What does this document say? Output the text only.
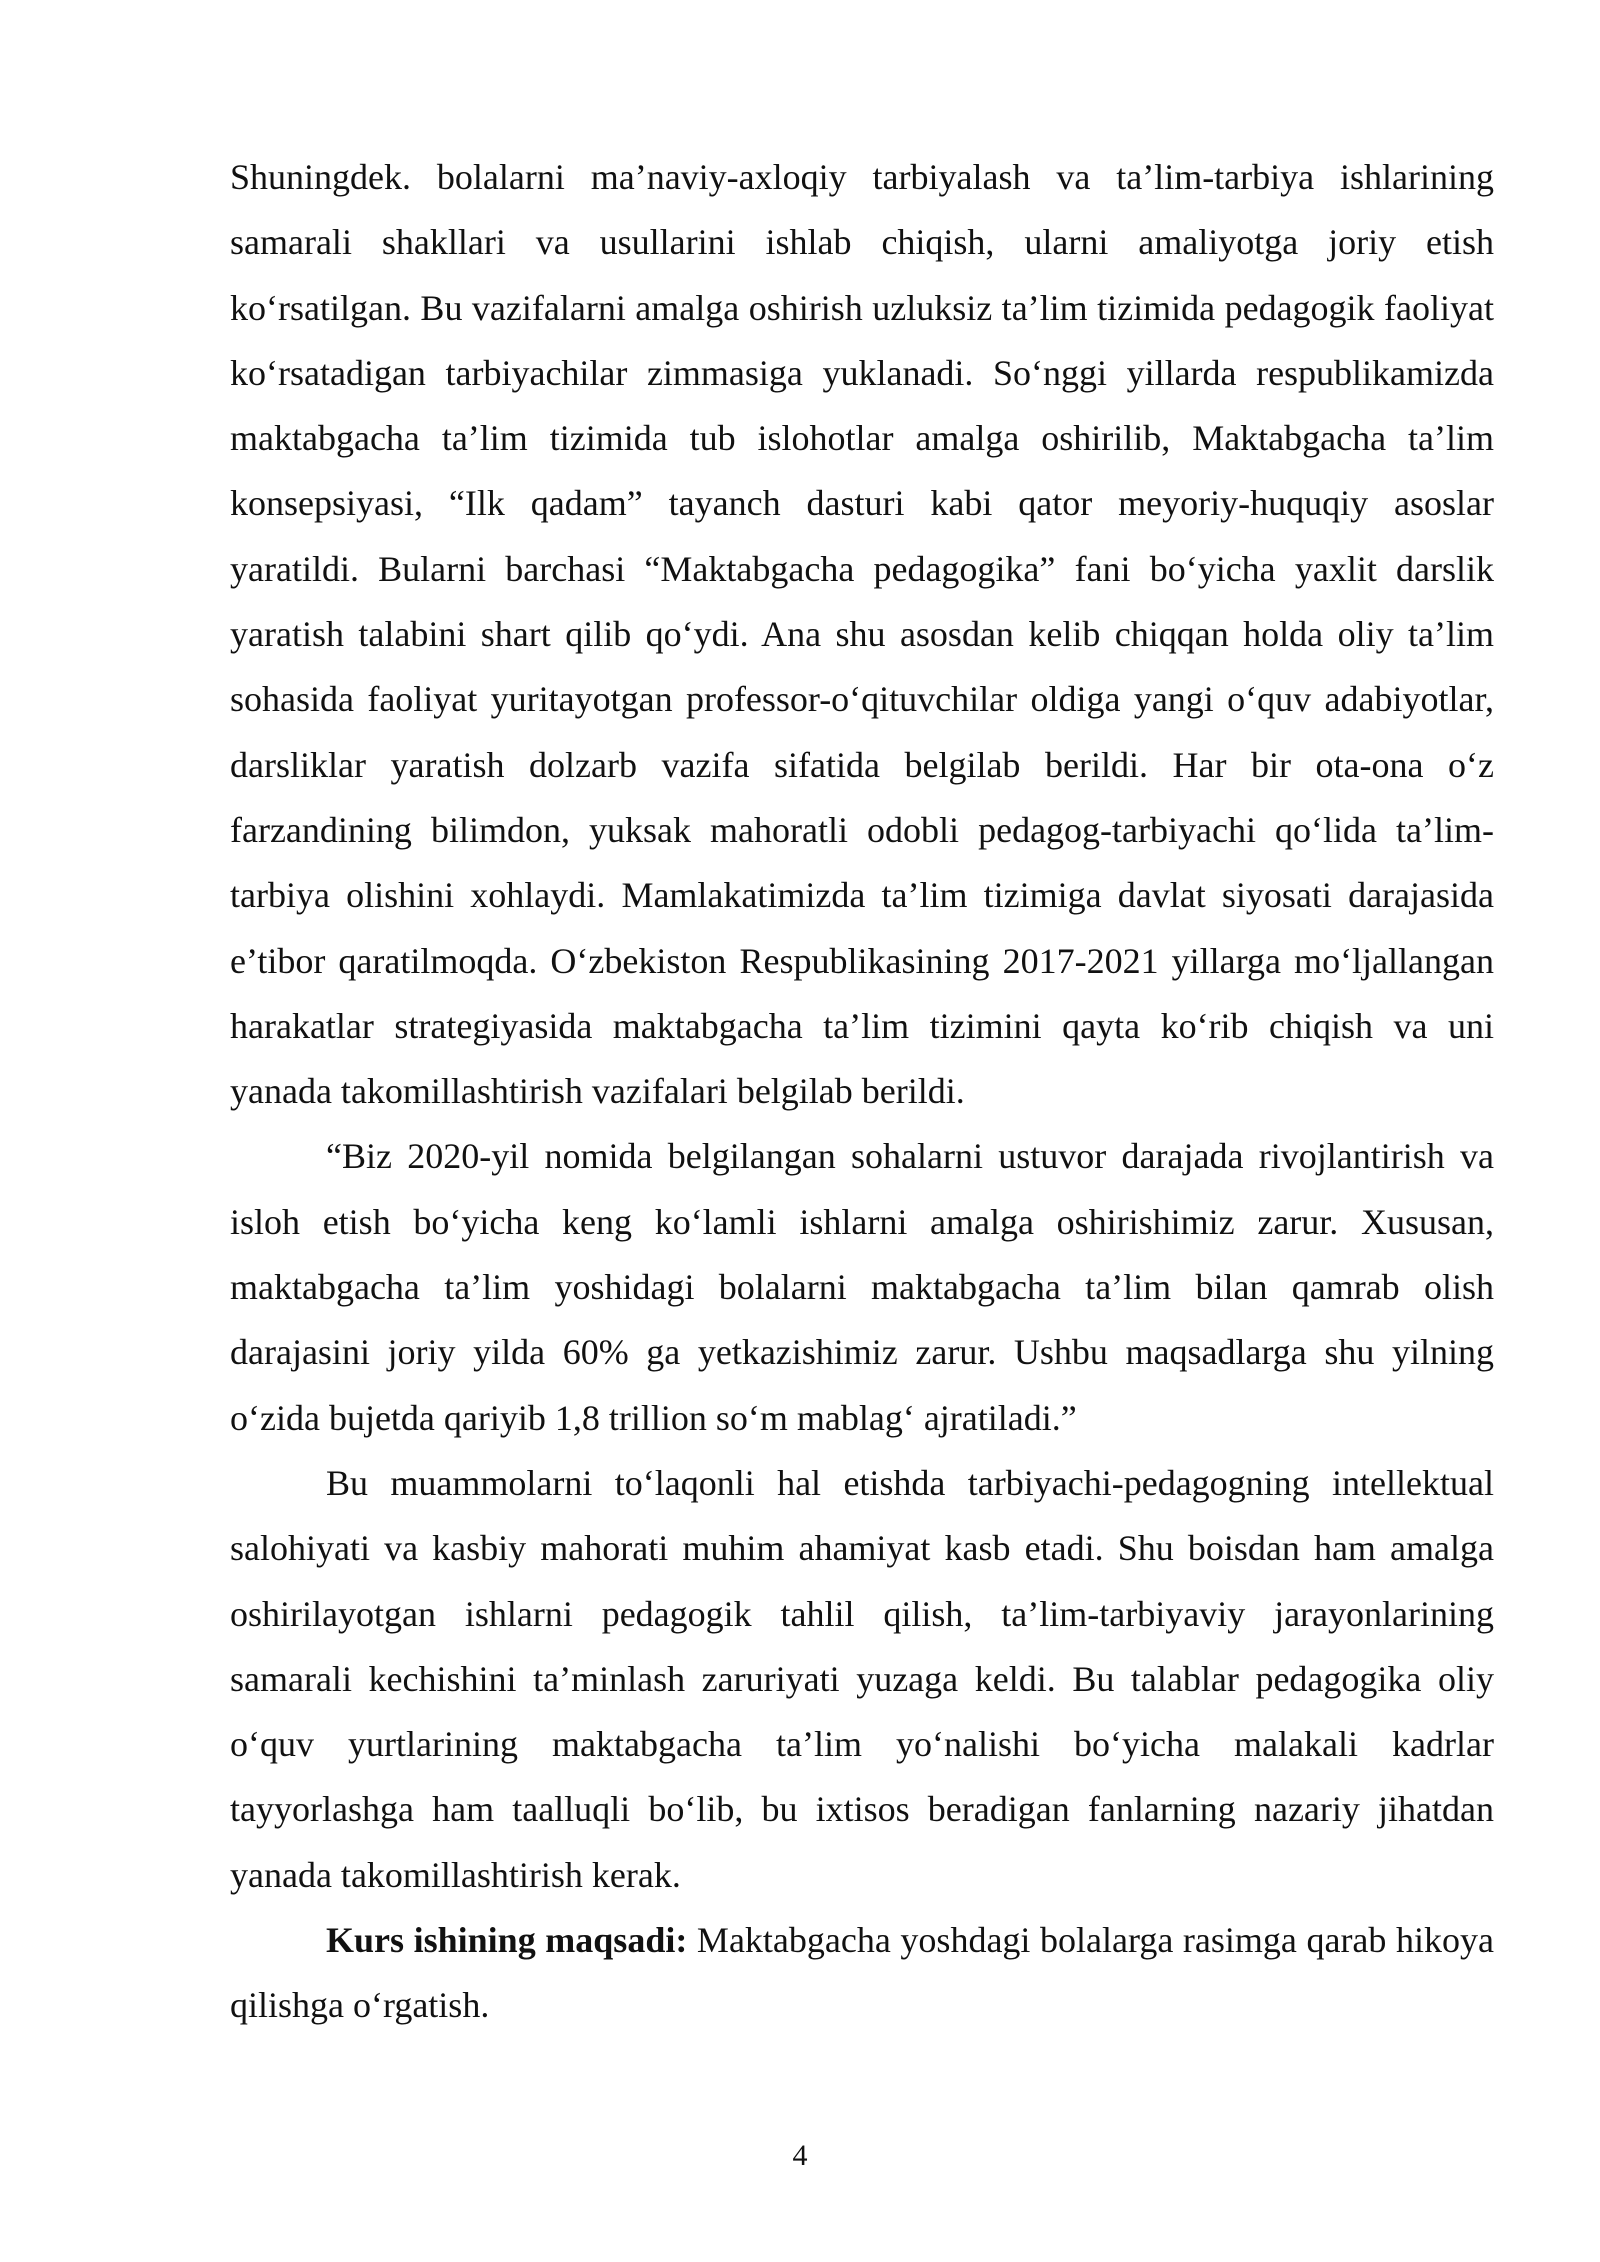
Shuningdek. bolalarni ma’naviy-axloqiy tarbiyalash va ta’lim-tarbiya ishlarining samarali shakllari va usullarini ishlab chiqish, ularni amaliyotga joriy etish ko‘rsatilgan. Bu vazifalarni amalga oshirish uzluksiz ta’lim tizimida pedagogik faoliyat ko‘rsatadigan tarbiyachilar zimmasiga yuklanadi. So‘nggi yillarda respublikamizda maktabgacha ta’lim tizimida tub islohotlar amalga oshirilib, Maktabgacha ta’lim konsepsiyasi, “Ilk qadam” tayanch dasturi kabi qator meyoriy-huquqiy asoslar yaratildi. Bularni barchasi “Maktabgacha pedagogika” fani bo‘yicha yaxlit darslik yaratish talabini shart qilib qo‘ydi. Ana shu asosdan kelib chiqqan holda oliy ta’lim sohasida faoliyat yuritayotgan professor-o‘qituvchilar oldiga yangi o‘quv adabiyotlar, darsliklar yaratish dolzarb vazifa sifatida belgilab berildi. Har bir ota-ona o‘z farzandining bilimdon, yuksak mahoratli odobli pedagog-tarbiyachi qo‘lida ta’lim-tarbiya olishini xohlaydi. Mamlakatimizda ta’lim tizimiga davlat siyosati darajasida e’tibor qaratilmoqda. O‘zbekiston Respublikasining 2017-2021 yillarga mo‘ljallangan harakatlar strategiyasida maktabgacha ta’lim tizimini qayta ko‘rib chiqish va uni yanada takomillashtirish vazifalari belgilab berildi.

“Biz 2020-yil nomida belgilangan sohalarni ustuvor darajada rivojlantirish va isloh etish bo‘yicha keng ko‘lamli ishlarni amalga oshirishimiz zarur. Xususan, maktabgacha ta’lim yoshidagi bolalarni maktabgacha ta’lim bilan qamrab olish darajasini joriy yilda 60% ga yetkazishimiz zarur. Ushbu maqsadlarga shu yilning o‘zida bujetda qariyib 1,8 trillion so‘m mablag‘ ajratiladi.”

Bu muammolarni to‘laqonli hal etishda tarbiyachi-pedagogning intellektual salohiyati va kasbiy mahorati muhim ahamiyat kasb etadi. Shu boisdan ham amalga oshirilayotgan ishlarni pedagogik tahlil qilish, ta’lim-tarbiyaviy jarayonlarining samarali kechishini ta’minlash zaruriyati yuzaga keldi. Bu talablar pedagogika oliy o‘quv yurtlarining maktabgacha ta’lim yo‘nalishi bo‘yicha malakali kadrlar tayyorlashga ham taalluqli bo‘lib, bu ixtisos beradigan fanlarning nazariy jihatdan yanada takomillashtirish kerak.

Kurs ishining maqsadi: Maktabgacha yoshdagi bolalarga rasimga qarab hikoya qilishga o‘rgatish.

4
